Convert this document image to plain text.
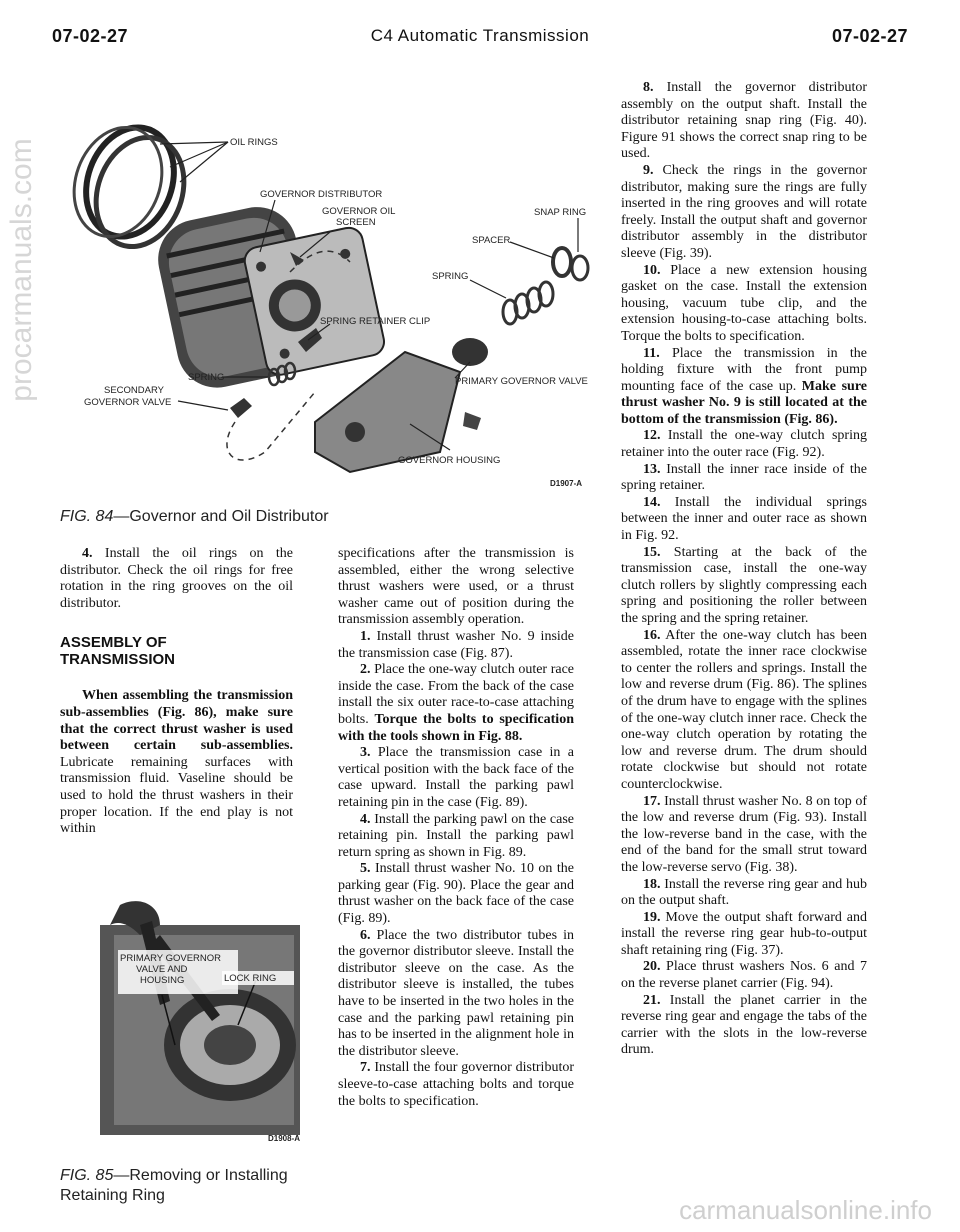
07-02-27	C4 Automatic Transmission	07-02-27
procarmanuals.com
carmanualsonline.info
OIL RINGS
GOVERNOR DISTRIBUTOR
GOVERNOR OIL
SCREEN
SNAP RING
SPACER
SPRING
SPRING RETAINER CLIP
SPRING
SECONDARY
GOVERNOR VALVE
PRIMARY GOVERNOR VALVE
GOVERNOR HOUSING
D1907-A
FIG. 84—Governor and Oil Distributor
PRIMARY GOVERNOR
VALVE AND
HOUSING	LOCK RING
D1908-A
FIG. 85—Removing or Installing
Retaining Ring

4. Install the oil rings on the distributor. Check the oil rings for free rotation in the ring grooves on the oil distributor.

ASSEMBLY OF
TRANSMISSION

When assembling the transmission sub-assemblies (Fig. 86), make sure that the correct thrust washer is used between certain sub-assemblies. Lubricate remaining surfaces with transmission fluid. Vaseline should be used to hold the thrust washers in their proper location. If the end play is not within

specifications after the transmission is assembled, either the wrong selective thrust washers were used, or a thrust washer came out of position during the transmission assembly operation.

1. Install thrust washer No. 9 inside the transmission case (Fig. 87).

2. Place the one-way clutch outer race inside the case. From the back of the case install the six outer race-to-case attaching bolts. Torque the bolts to specification with the tools shown in Fig. 88.

3. Place the transmission case in a vertical position with the back face of the case upward. Install the parking pawl retaining pin in the case (Fig. 89).

4. Install the parking pawl on the case retaining pin. Install the parking pawl return spring as shown in Fig. 89.

5. Install thrust washer No. 10 on the parking gear (Fig. 90). Place the gear and thrust washer on the back face of the case (Fig. 89).

6. Place the two distributor tubes in the governor distributor sleeve. Install the distributor sleeve on the case. As the distributor sleeve is installed, the tubes have to be inserted in the two holes in the case and the parking pawl retaining pin has to be inserted in the alignment hole in the distributor sleeve.

7. Install the four governor distributor sleeve-to-case attaching bolts and torque the bolts to specification.

8. Install the governor distributor assembly on the output shaft. Install the distributor retaining snap ring (Fig. 40). Figure 91 shows the correct snap ring to be used.

9. Check the rings in the governor distributor, making sure the rings are fully inserted in the ring grooves and will rotate freely. Install the output shaft and governor distributor assembly in the distributor sleeve (Fig. 39).

10. Place a new extension housing gasket on the case. Install the extension housing, vacuum tube clip, and the extension housing-to-case attaching bolts. Torque the bolts to specification.

11. Place the transmission in the holding fixture with the front pump mounting face of the case up. Make sure thrust washer No. 9 is still located at the bottom of the transmission (Fig. 86).

12. Install the one-way clutch spring retainer into the outer race (Fig. 92).

13. Install the inner race inside of the spring retainer.

14. Install the individual springs between the inner and outer race as shown in Fig. 92.

15. Starting at the back of the transmission case, install the one-way clutch rollers by slightly compressing each spring and positioning the roller between the spring and the spring retainer.

16. After the one-way clutch has been assembled, rotate the inner race clockwise to center the rollers and springs. Install the low and reverse drum (Fig. 86). The splines of the drum have to engage with the splines of the one-way clutch inner race. Check the one-way clutch operation by rotating the low and reverse drum. The drum should rotate clockwise but should not rotate counterclockwise.

17. Install thrust washer No. 8 on top of the low and reverse drum (Fig. 93). Install the low-reverse band in the case, with the end of the band for the small strut toward the low-reverse servo (Fig. 38).

18. Install the reverse ring gear and hub on the output shaft.

19. Move the output shaft forward and install the reverse ring gear hub-to-output shaft retaining ring (Fig. 37).

20. Place thrust washers Nos. 6 and 7 on the reverse planet carrier (Fig. 94).

21. Install the planet carrier in the reverse ring gear and engage the tabs of the carrier with the slots in the low-reverse drum.
